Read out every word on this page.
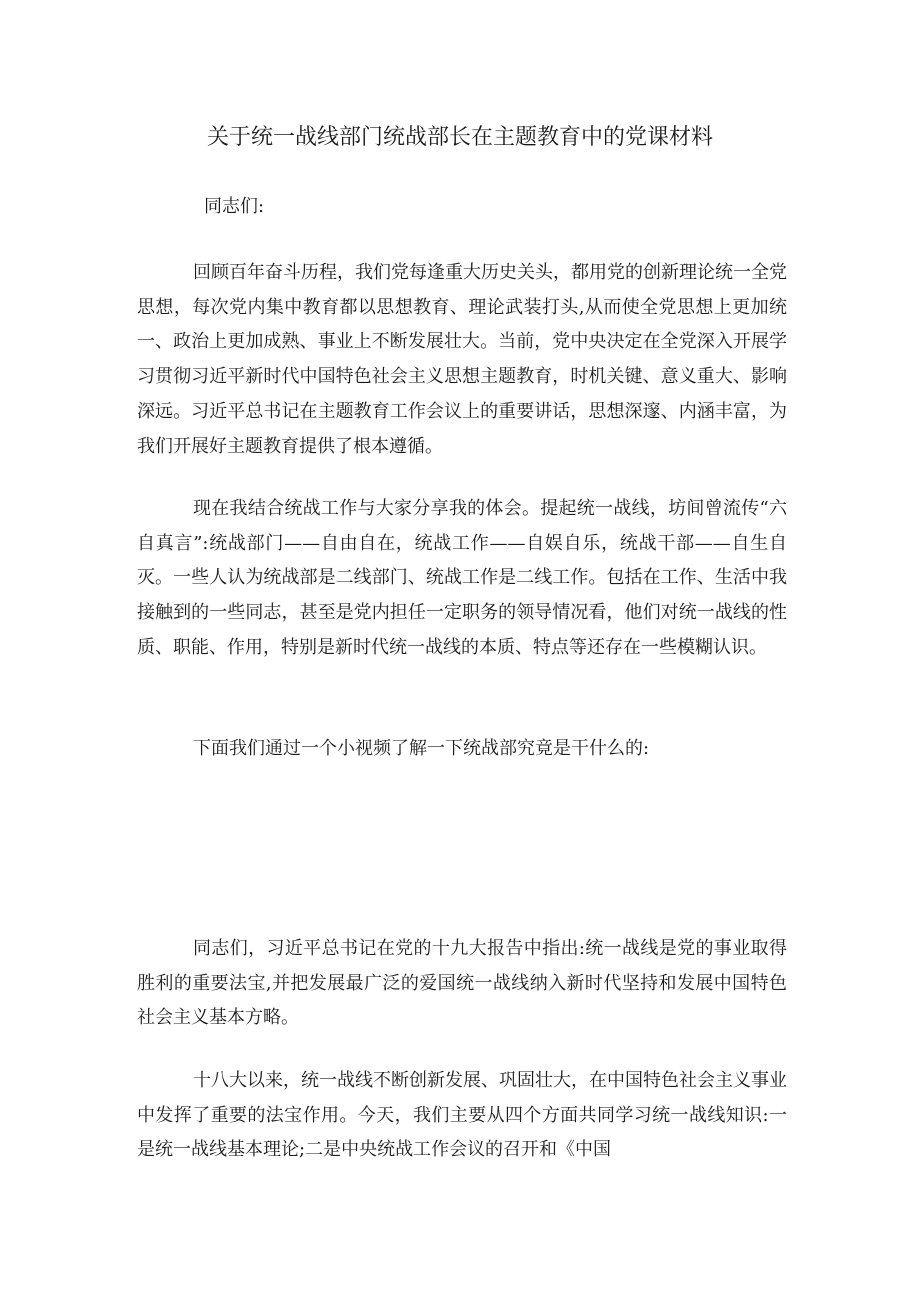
关于统一战线部门统战部长在主题教育中的党课材料

同志们:

回顾百年奋斗历程，我们党每逢重大历史关头，都用党的创新理论统一全党思想，每次党内集中教育都以思想教育、理论武装打头,从而使全党思想上更加统一、政治上更加成熟、事业上不断发展壮大。当前，党中央决定在全党深入开展学习贯彻习近平新时代中国特色社会主义思想主题教育，时机关键、意义重大、影响深远。习近平总书记在主题教育工作会议上的重要讲话，思想深邃、内涵丰富，为我们开展好主题教育提供了根本遵循。

现在我结合统战工作与大家分享我的体会。提起统一战线，坊间曾流传“六自真言”:统战部门——自由自在，统战工作——自娱自乐，统战干部——自生自灭。一些人认为统战部是二线部门、统战工作是二线工作。包括在工作、生活中我接触到的一些同志，甚至是党内担任一定职务的领导情况看，他们对统一战线的性质、职能、作用，特别是新时代统一战线的本质、特点等还存在一些模糊认识。

下面我们通过一个小视频了解一下统战部究竟是干什么的:

同志们，习近平总书记在党的十九大报告中指出:统一战线是党的事业取得胜利的重要法宝,并把发展最广泛的爱国统一战线纳入新时代坚持和发展中国特色社会主义基本方略。

十八大以来，统一战线不断创新发展、巩固壮大，在中国特色社会主义事业中发挥了重要的法宝作用。今天，我们主要从四个方面共同学习统一战线知识:一是统一战线基本理论;二是中央统战工作会议的召开和《中国
